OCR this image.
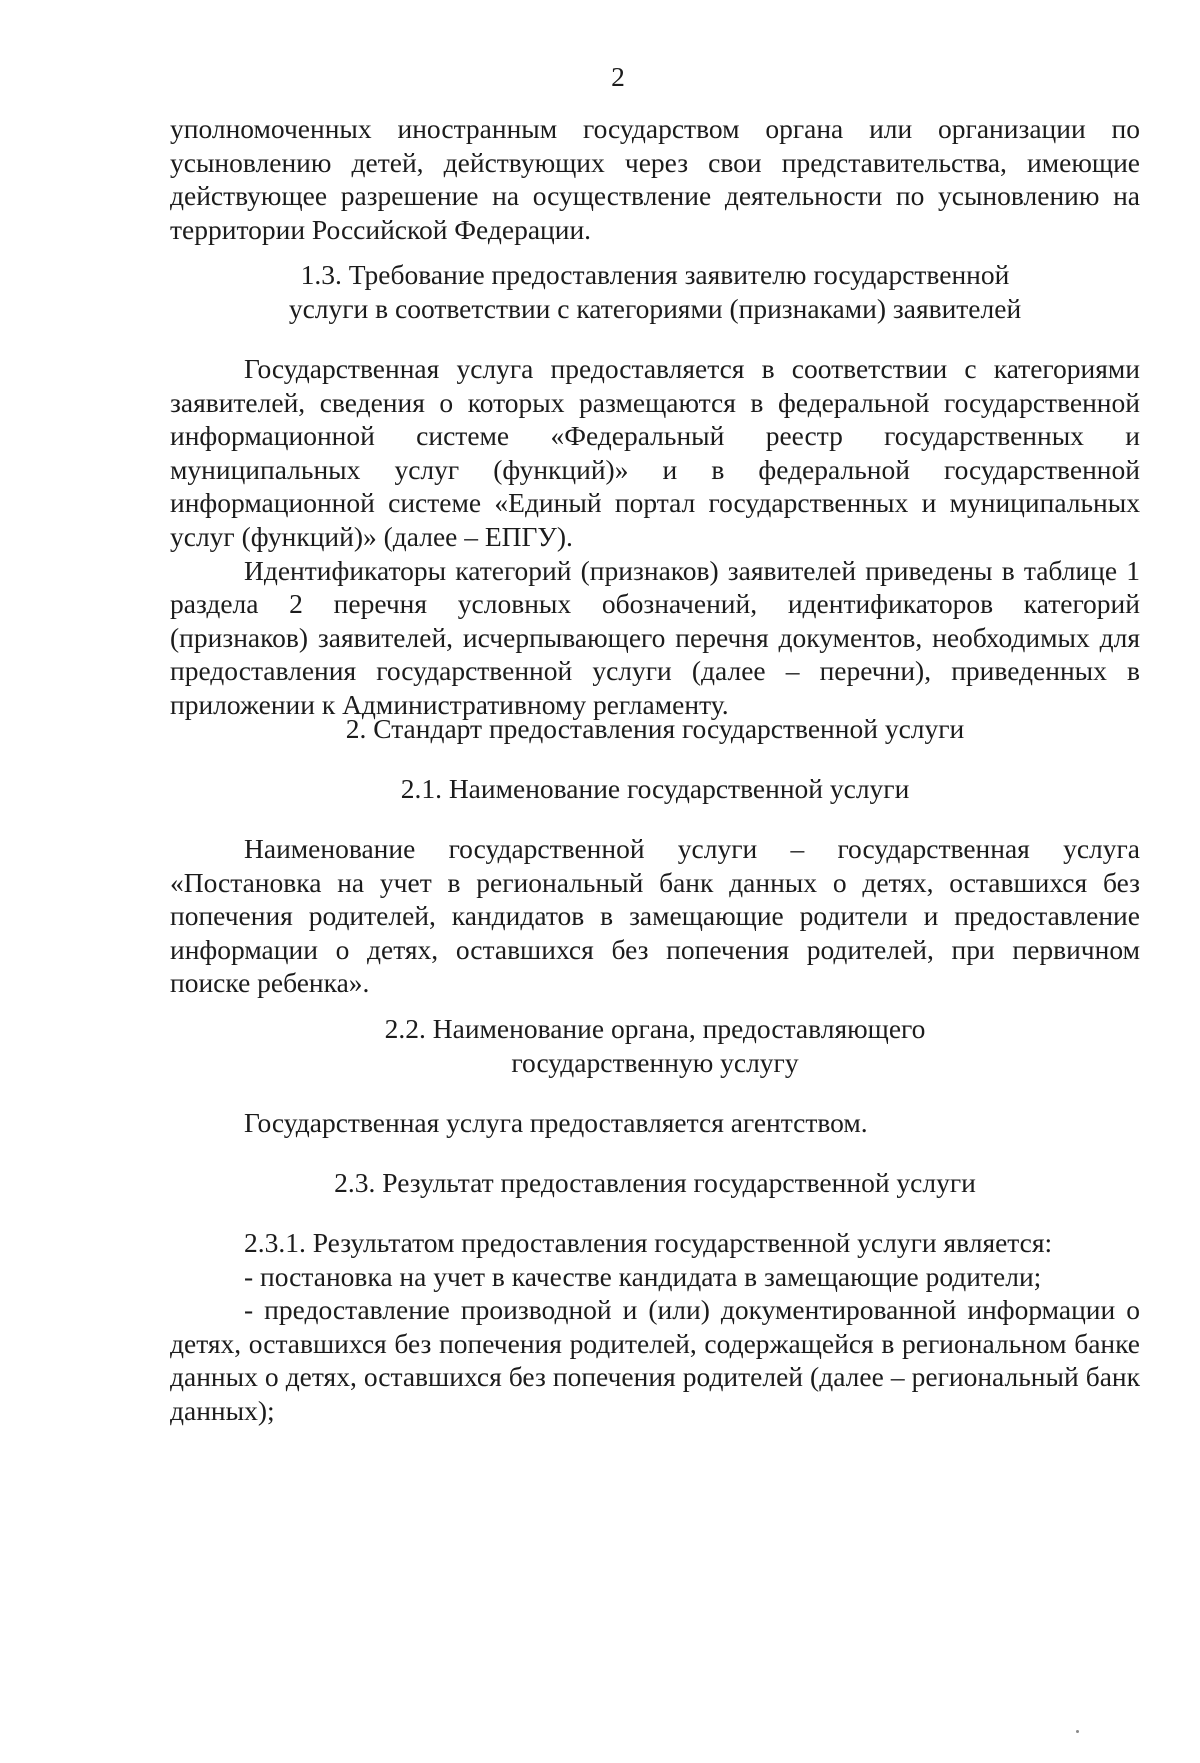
2

уполномоченных иностранным государством органа или организации по усыновлению детей, действующих через свои представительства, имеющие действующее разрешение на осуществление деятельности по усыновлению на территории Российской Федерации.

1.3. Требование предоставления заявителю государственной
услуги в соответствии с категориями (признаками) заявителей

Государственная услуга предоставляется в соответствии с категориями заявителей, сведения о которых размещаются в федеральной государственной информационной системе «Федеральный реестр государственных и муниципальных услуг (функций)» и в федеральной государственной информационной системе «Единый портал государственных и муниципальных услуг (функций)» (далее – ЕПГУ).

Идентификаторы категорий (признаков) заявителей приведены в таблице 1 раздела 2 перечня условных обозначений, идентификаторов категорий (признаков) заявителей, исчерпывающего перечня документов, необходимых для предоставления государственной услуги (далее – перечни), приведенных в приложении к Административному регламенту.

2. Стандарт предоставления государственной услуги
2.1. Наименование государственной услуги

Наименование государственной услуги – государственная услуга «Постановка на учет в региональный банк данных о детях, оставшихся без попечения родителей, кандидатов в замещающие родители и предоставление информации о детях, оставшихся без попечения родителей, при первичном поиске ребенка».

2.2. Наименование органа, предоставляющего
государственную услугу

Государственная услуга предоставляется агентством.

2.3. Результат предоставления государственной услуги

2.3.1. Результатом предоставления государственной услуги является:

- постановка на учет в качестве кандидата в замещающие родители;

- предоставление производной и (или) документированной информации о детях, оставшихся без попечения родителей, содержащейся в региональном банке данных о детях, оставшихся без попечения родителей (далее – региональный банк данных);
